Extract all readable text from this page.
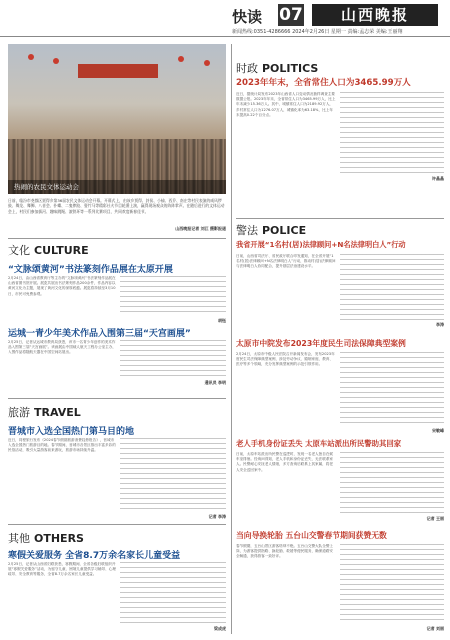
快读 07	山西晚报
新闻热线:0351-4286666 2024年2月26日 星期一 责编:孟志荣 美编:王丽翔
热闹的农民文体运动会
日前，临汾市尧都区贾得乡第36届农民文体运动会开幕。开幕式上，由该乡贾得、封侯、小榆、西乔、南庄等村民表演的威风锣鼓、舞龙、舞狮、八音会、扑蝶、二鬼摔跤、耍竹马等精彩社火节目轮番上演，赢得现场观众的阵阵掌声。在随后进行的文体运动会上，村民们参加拔河、趣味跳绳、滚铁环等一系列比赛项目，共同欢度新春佳节。
山西晚报记者 刘江 摄影报道
文化 CULTURE
“文脉颂黄河”书法篆刻作品展在太原开展
2月24日，由山西省教育厅等主办的“文脉颂黄河”书法篆刻作品展在山西省图书馆开展。展览共展出书法篆刻作品200余件，作品内容以黄河文化为主题，展现了黄河文化的深厚底蕴。展览将持续至3月10日，市民可免费参观。
胡钰
运城一青少年美术作品入围第三届“天宫画展”
2月25日，记者从运城市教育局获悉，该市一名青少年创作的美术作品入围第三届“天宫画展”。该画展由中国载人航天工程办公室主办，入围作品将随航天器在中国空间站展出。
通讯员 李明
旅游 TRAVEL
晋城市入选全国热门第马目的地
近日，同程旅行发布《2024春节假期旅游消费趋势报告》，晋城市入选全国热门旅游目的地。春节期间，晋城市各景区推出丰富多彩的民俗活动，吸引大量游客前来游玩，旅游市场持续升温。
记者 李涛
其他 OTHERS
寒假关爱服务 全省8.7万余名家长儿童受益
2月25日，记者从山西省妇联获悉，寒假期间，全省各级妇联组织开展“寒假关爱服务”活动，为留守儿童、困境儿童提供学习辅导、心理疏导、安全教育等服务，全省8.7万余名家长儿童受益。
梁成虎
时政 POLITICS
2023年年末，全省常住人口为3465.99万人
近日，据统计局发布2023年山西省人口变动情况抽样调查主要数据公报。2023年年末，全省常住人口为3465.99万人，比上年末减少15.36万人。其中，城镇常住人口为2189.92万人，乡村常住人口为1276.07万人，城镇化率为63.18%，比上年末提高0.22个百分点。
许晶晶
警法 POLICE
我省开展“1名村(居)法律顾问+N名法律明白人”行动
日前，山西省司法厅、省民政厅联合印发通知，在全省开展“1名村(居)法律顾问+N名法律明白人”行动，推动村(居)法律顾问与法律明白人协同配合，提升基层法治建设水平。
李涛
太原市中院发布2023年度民生司法保障典型案例
2月24日，太原市中级人民法院召开新闻发布会，发布2023年度民生司法保障典型案例，涉及劳动争议、婚姻家庭、教育、医疗等多个领域，充分发挥典型案例的示范引领作用。
宋敏峰
老人手机身份证丢失 太原车站派出所民警助其回家
日前，太原车站派出所民警在巡逻时，发现一名老人独自在候车室徘徊。经询问得知，老人手机和身份证丢失，无法联系家人。民警耐心安抚老人情绪，多方查询后联系上其家属，将老人安全送回家中。
记者 王丽
当向导换轮胎 五台山交警春节期间获赞无数
春节假期，五台山景区游客络绎不绝。五台山交警大队全警上岗，为游客提供指路、换轮胎、救援等便民服务，确保道路安全畅通，获得游客一致好评。
记者 刘丽
